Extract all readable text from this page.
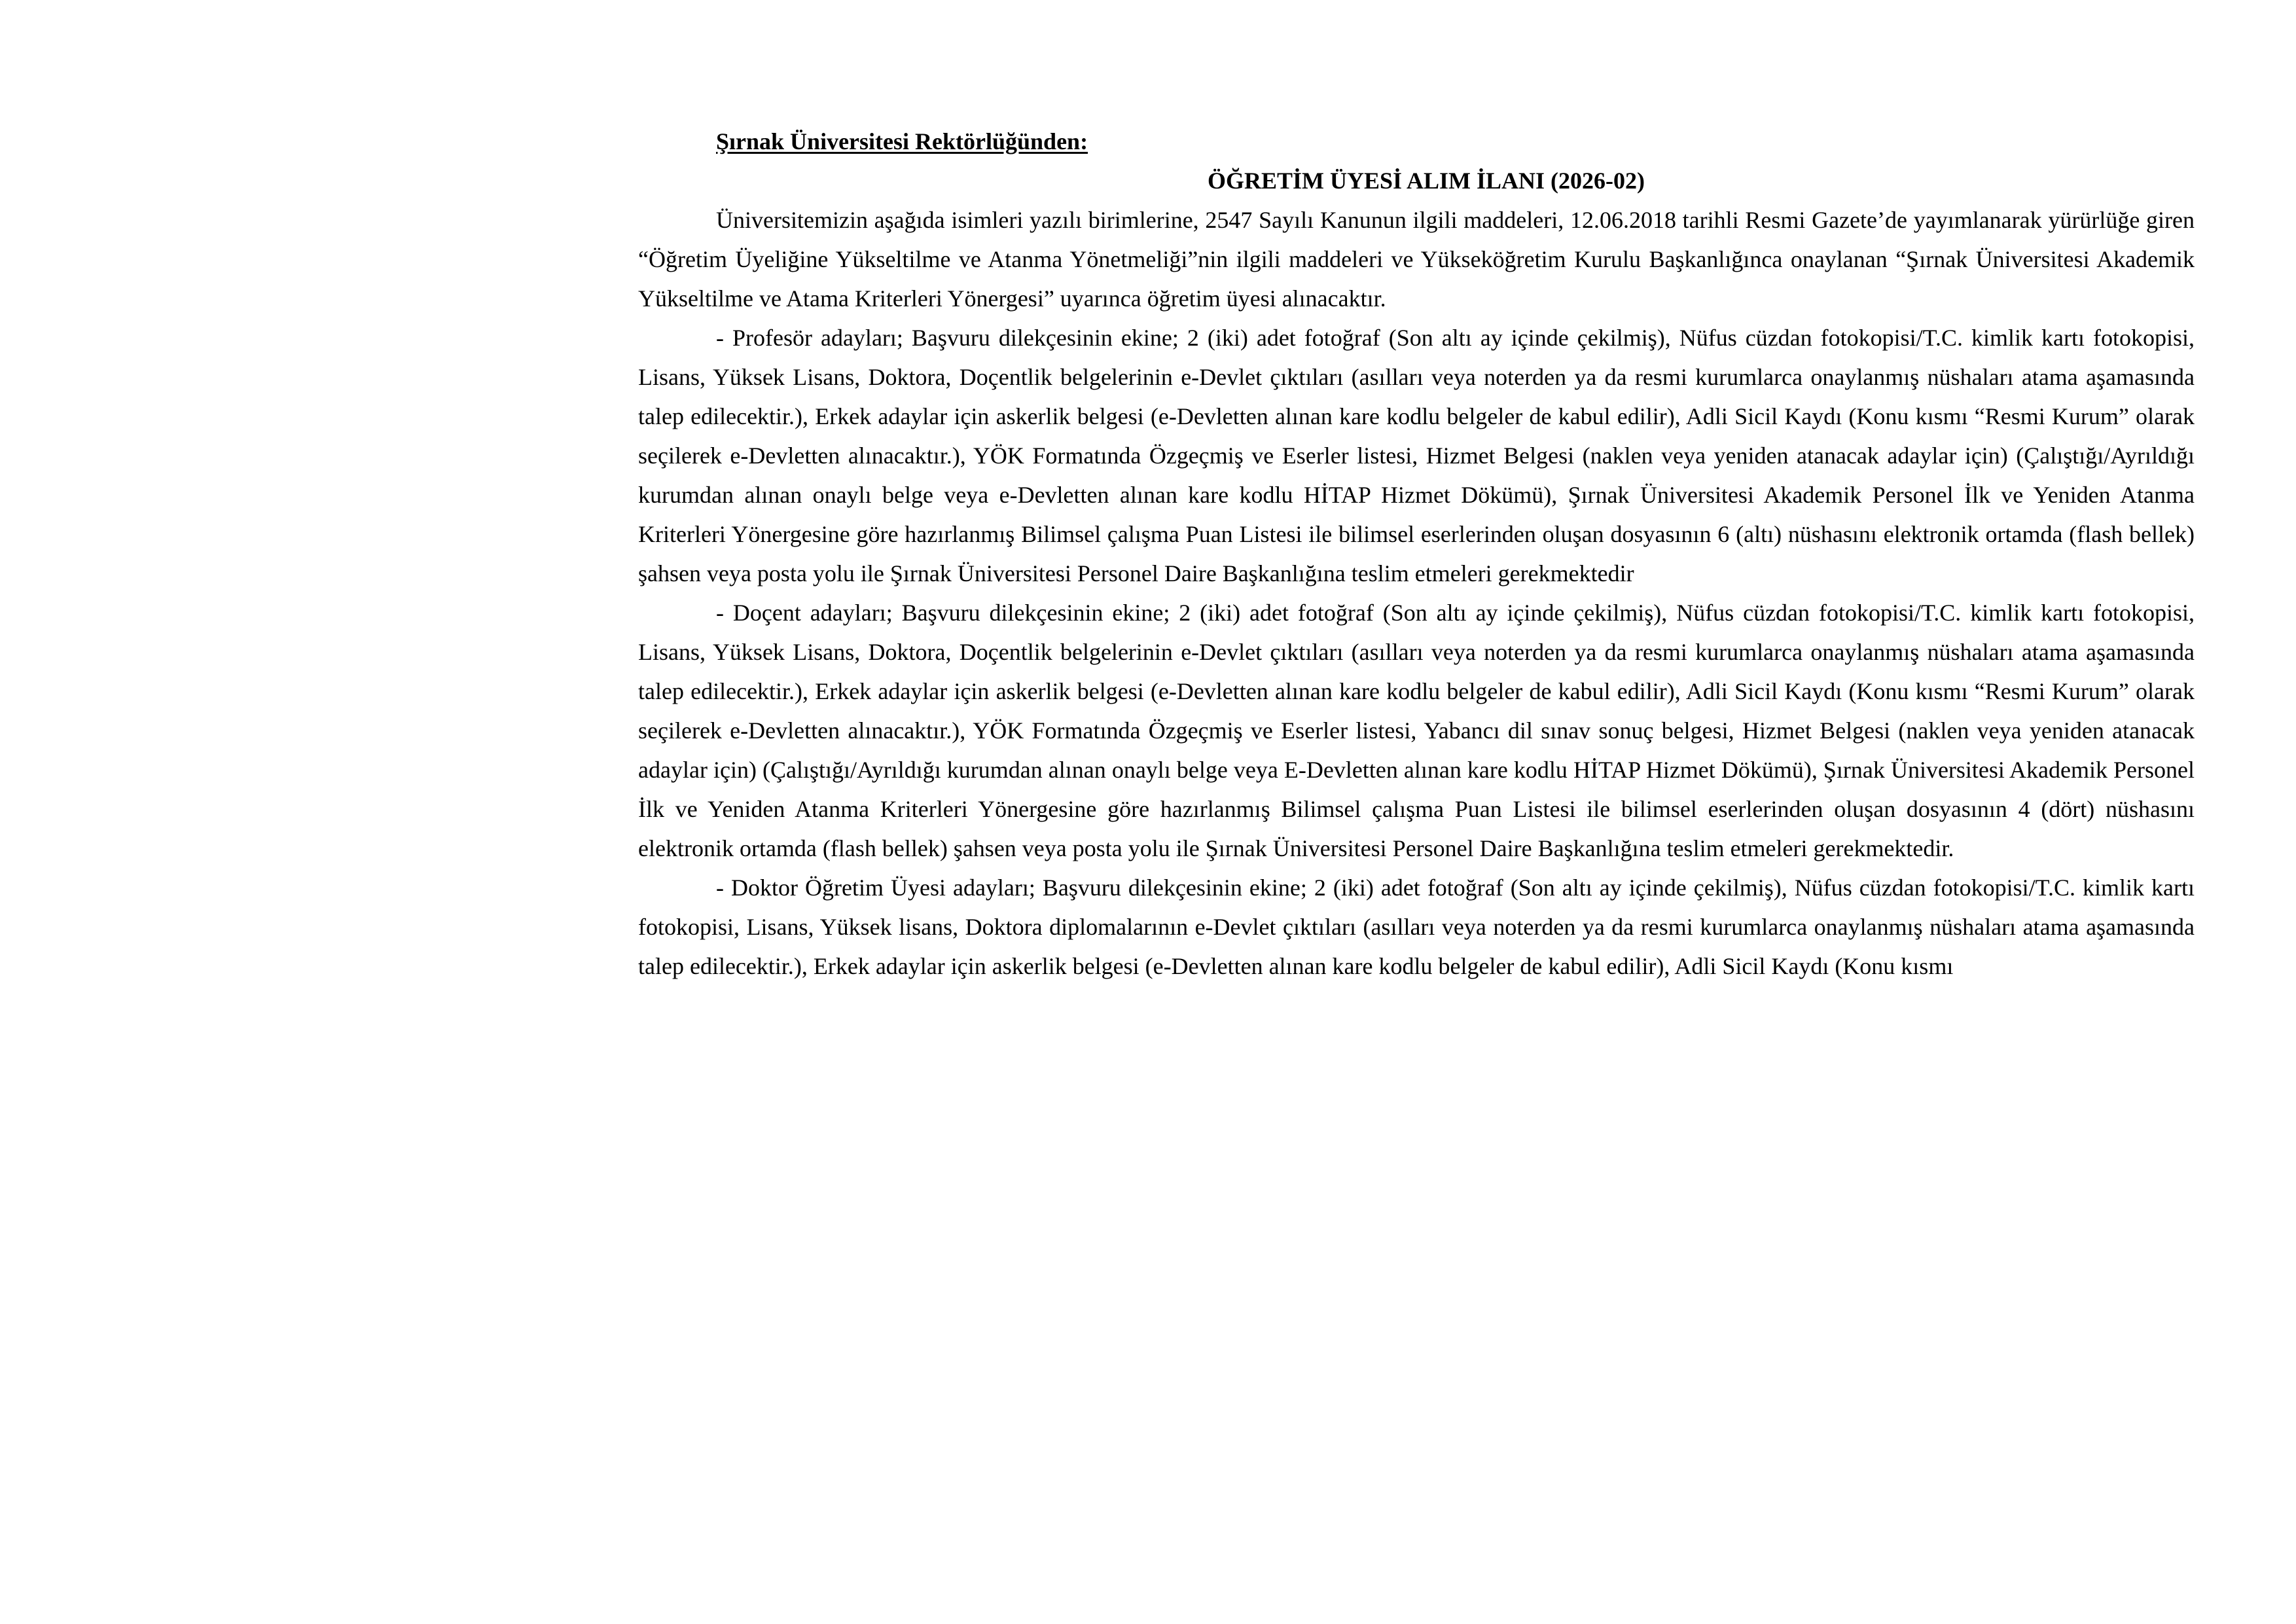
Şırnak Üniversitesi Rektörlüğünden:

ÖĞRETİM ÜYESİ ALIM İLANI (2026-02)

Üniversitemizin aşağıda isimleri yazılı birimlerine, 2547 Sayılı Kanunun ilgili maddeleri, 12.06.2018 tarihli Resmi Gazete’de yayımlanarak yürürlüğe giren “Öğretim Üyeliğine Yükseltilme ve Atanma Yönetmeliği”nin ilgili maddeleri ve Yükseköğretim Kurulu Başkanlığınca onaylanan “Şırnak Üniversitesi Akademik Yükseltilme ve Atama Kriterleri Yönergesi” uyarınca öğretim üyesi alınacaktır.

- Profesör adayları; Başvuru dilekçesinin ekine; 2 (iki) adet fotoğraf (Son altı ay içinde çekilmiş), Nüfus cüzdan fotokopisi/T.C. kimlik kartı fotokopisi, Lisans, Yüksek Lisans, Doktora, Doçentlik belgelerinin e-Devlet çıktıları (asılları veya noterden ya da resmi kurumlarca onaylanmış nüshaları atama aşamasında talep edilecektir.), Erkek adaylar için askerlik belgesi (e-Devletten alınan kare kodlu belgeler de kabul edilir), Adli Sicil Kaydı (Konu kısmı “Resmi Kurum” olarak seçilerek e-Devletten alınacaktır.), YÖK Formatında Özgeçmiş ve Eserler listesi, Hizmet Belgesi (naklen veya yeniden atanacak adaylar için) (Çalıştığı/Ayrıldığı kurumdan alınan onaylı belge veya e-Devletten alınan kare kodlu HİTAP Hizmet Dökümü), Şırnak Üniversitesi Akademik Personel İlk ve Yeniden Atanma Kriterleri Yönergesine göre hazırlanmış Bilimsel çalışma Puan Listesi ile bilimsel eserlerinden oluşan dosyasının 6 (altı) nüshasını elektronik ortamda (flash bellek) şahsen veya posta yolu ile Şırnak Üniversitesi Personel Daire Başkanlığına teslim etmeleri gerekmektedir

- Doçent adayları; Başvuru dilekçesinin ekine; 2 (iki) adet fotoğraf (Son altı ay içinde çekilmiş), Nüfus cüzdan fotokopisi/T.C. kimlik kartı fotokopisi, Lisans, Yüksek Lisans, Doktora, Doçentlik belgelerinin e-Devlet çıktıları (asılları veya noterden ya da resmi kurumlarca onaylanmış nüshaları atama aşamasında talep edilecektir.), Erkek adaylar için askerlik belgesi (e-Devletten alınan kare kodlu belgeler de kabul edilir), Adli Sicil Kaydı (Konu kısmı “Resmi Kurum” olarak seçilerek e-Devletten alınacaktır.), YÖK Formatında Özgeçmiş ve Eserler listesi, Yabancı dil sınav sonuç belgesi, Hizmet Belgesi (naklen veya yeniden atanacak adaylar için) (Çalıştığı/Ayrıldığı kurumdan alınan onaylı belge veya E-Devletten alınan kare kodlu HİTAP Hizmet Dökümü), Şırnak Üniversitesi Akademik Personel İlk ve Yeniden Atanma Kriterleri Yönergesine göre hazırlanmış Bilimsel çalışma Puan Listesi ile bilimsel eserlerinden oluşan dosyasının 4 (dört) nüshasını elektronik ortamda (flash bellek) şahsen veya posta yolu ile Şırnak Üniversitesi Personel Daire Başkanlığına teslim etmeleri gerekmektedir.

- Doktor Öğretim Üyesi adayları; Başvuru dilekçesinin ekine; 2 (iki) adet fotoğraf (Son altı ay içinde çekilmiş), Nüfus cüzdan fotokopisi/T.C. kimlik kartı fotokopisi, Lisans, Yüksek lisans, Doktora diplomalarının e-Devlet çıktıları (asılları veya noterden ya da resmi kurumlarca onaylanmış nüshaları atama aşamasında talep edilecektir.), Erkek adaylar için askerlik belgesi (e-Devletten alınan kare kodlu belgeler de kabul edilir), Adli Sicil Kaydı (Konu kısmı
